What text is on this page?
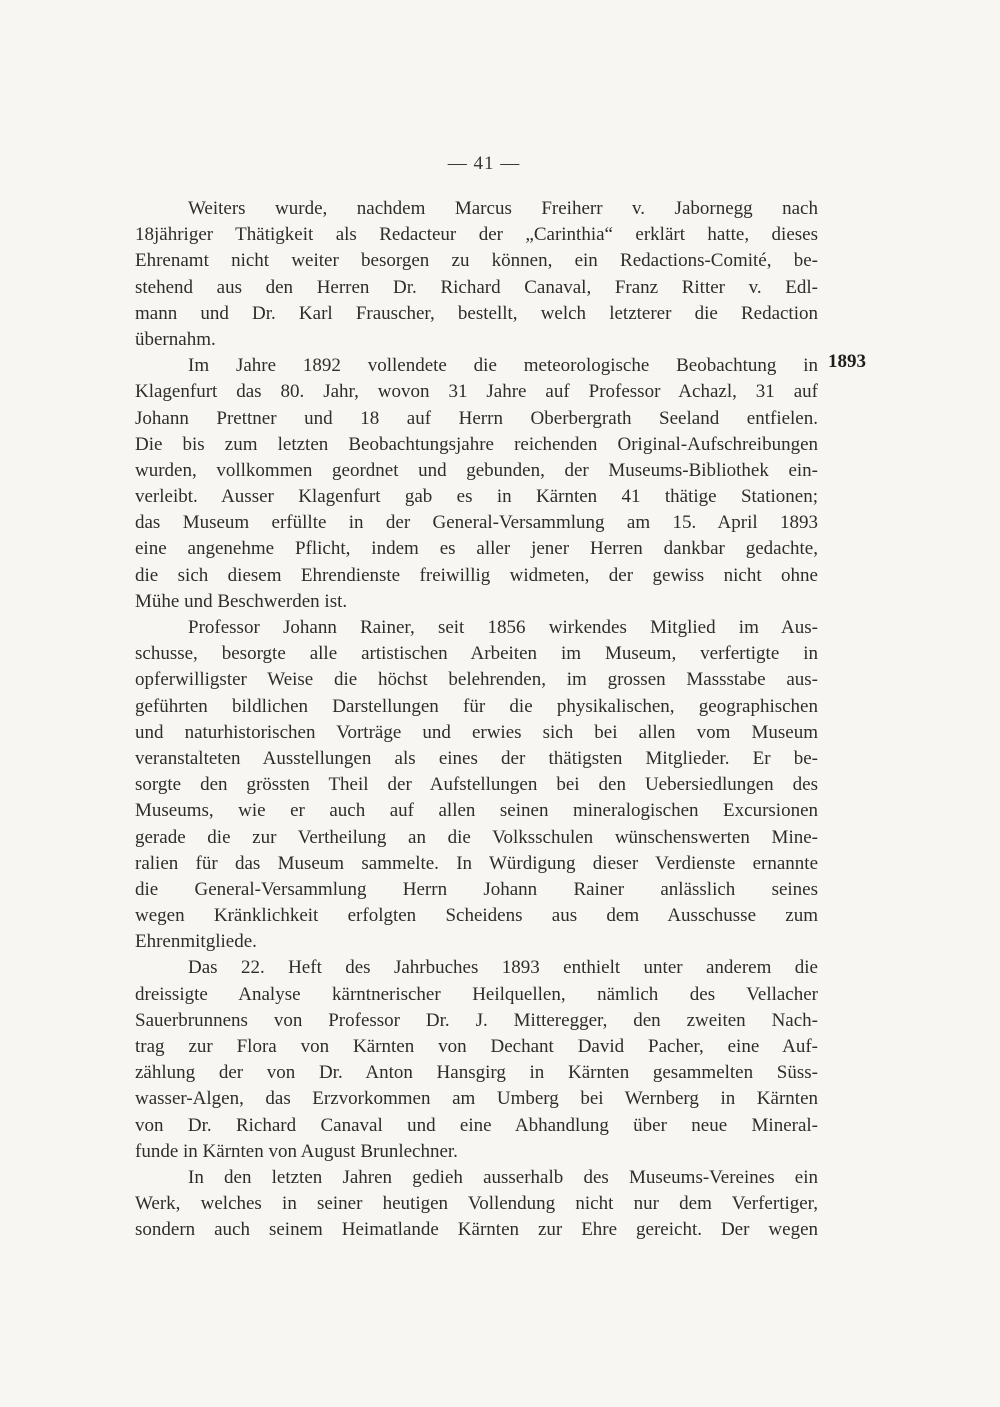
— 41 —
Weiters wurde, nachdem Marcus Freiherr v. Jabornegg nach
18jähriger Thätigkeit als Redacteur der „Carinthia“ erklärt hatte, dieses
Ehrenamt nicht weiter besorgen zu können, ein Redactions-Comité, be-
stehend aus den Herren Dr. Richard Canaval, Franz Ritter v. Edl-
mann und Dr. Karl Frauscher, bestellt, welch letzterer die Redaction
übernahm.
Im Jahre 1892 vollendete die meteorologische Beobachtung in
Klagenfurt das 80. Jahr, wovon 31 Jahre auf Professor Achazl, 31 auf
Johann Prettner und 18 auf Herrn Oberbergrath Seeland entfielen.
Die bis zum letzten Beobachtungsjahre reichenden Original-Aufschreibungen
wurden, vollkommen geordnet und gebunden, der Museums-Bibliothek ein-
verleibt. Ausser Klagenfurt gab es in Kärnten 41 thätige Stationen;
das Museum erfüllte in der General-Versammlung am 15. April 1893
eine angenehme Pflicht, indem es aller jener Herren dankbar gedachte,
die sich diesem Ehrendienste freiwillig widmeten, der gewiss nicht ohne
Mühe und Beschwerden ist.
Professor Johann Rainer, seit 1856 wirkendes Mitglied im Aus-
schusse, besorgte alle artistischen Arbeiten im Museum, verfertigte in
opferwilligster Weise die höchst belehrenden, im grossen Massstabe aus-
geführten bildlichen Darstellungen für die physikalischen, geographischen
und naturhistorischen Vorträge und erwies sich bei allen vom Museum
veranstalteten Ausstellungen als eines der thätigsten Mitglieder. Er be-
sorgte den grössten Theil der Aufstellungen bei den Uebersiedlungen des
Museums, wie er auch auf allen seinen mineralogischen Excursionen
gerade die zur Vertheilung an die Volksschulen wünschenswerten Mine-
ralien für das Museum sammelte. In Würdigung dieser Verdienste ernannte
die General-Versammlung Herrn Johann Rainer anlässlich seines
wegen Kränklichkeit erfolgten Scheidens aus dem Ausschusse zum
Ehrenmitgliede.
Das 22. Heft des Jahrbuches 1893 enthielt unter anderem die
dreissigte Analyse kärntnerischer Heilquellen, nämlich des Vellacher
Sauerbrunnens von Professor Dr. J. Mitteregger, den zweiten Nach-
trag zur Flora von Kärnten von Dechant David Pacher, eine Auf-
zählung der von Dr. Anton Hansgirg in Kärnten gesammelten Süss-
wasser-Algen, das Erzvorkommen am Umberg bei Wernberg in Kärnten
von Dr. Richard Canaval und eine Abhandlung über neue Mineral-
funde in Kärnten von August Brunlechner.
In den letzten Jahren gedieh ausserhalb des Museums-Vereines ein
Werk, welches in seiner heutigen Vollendung nicht nur dem Verfertiger,
sondern auch seinem Heimatlande Kärnten zur Ehre gereicht. Der wegen
1893
